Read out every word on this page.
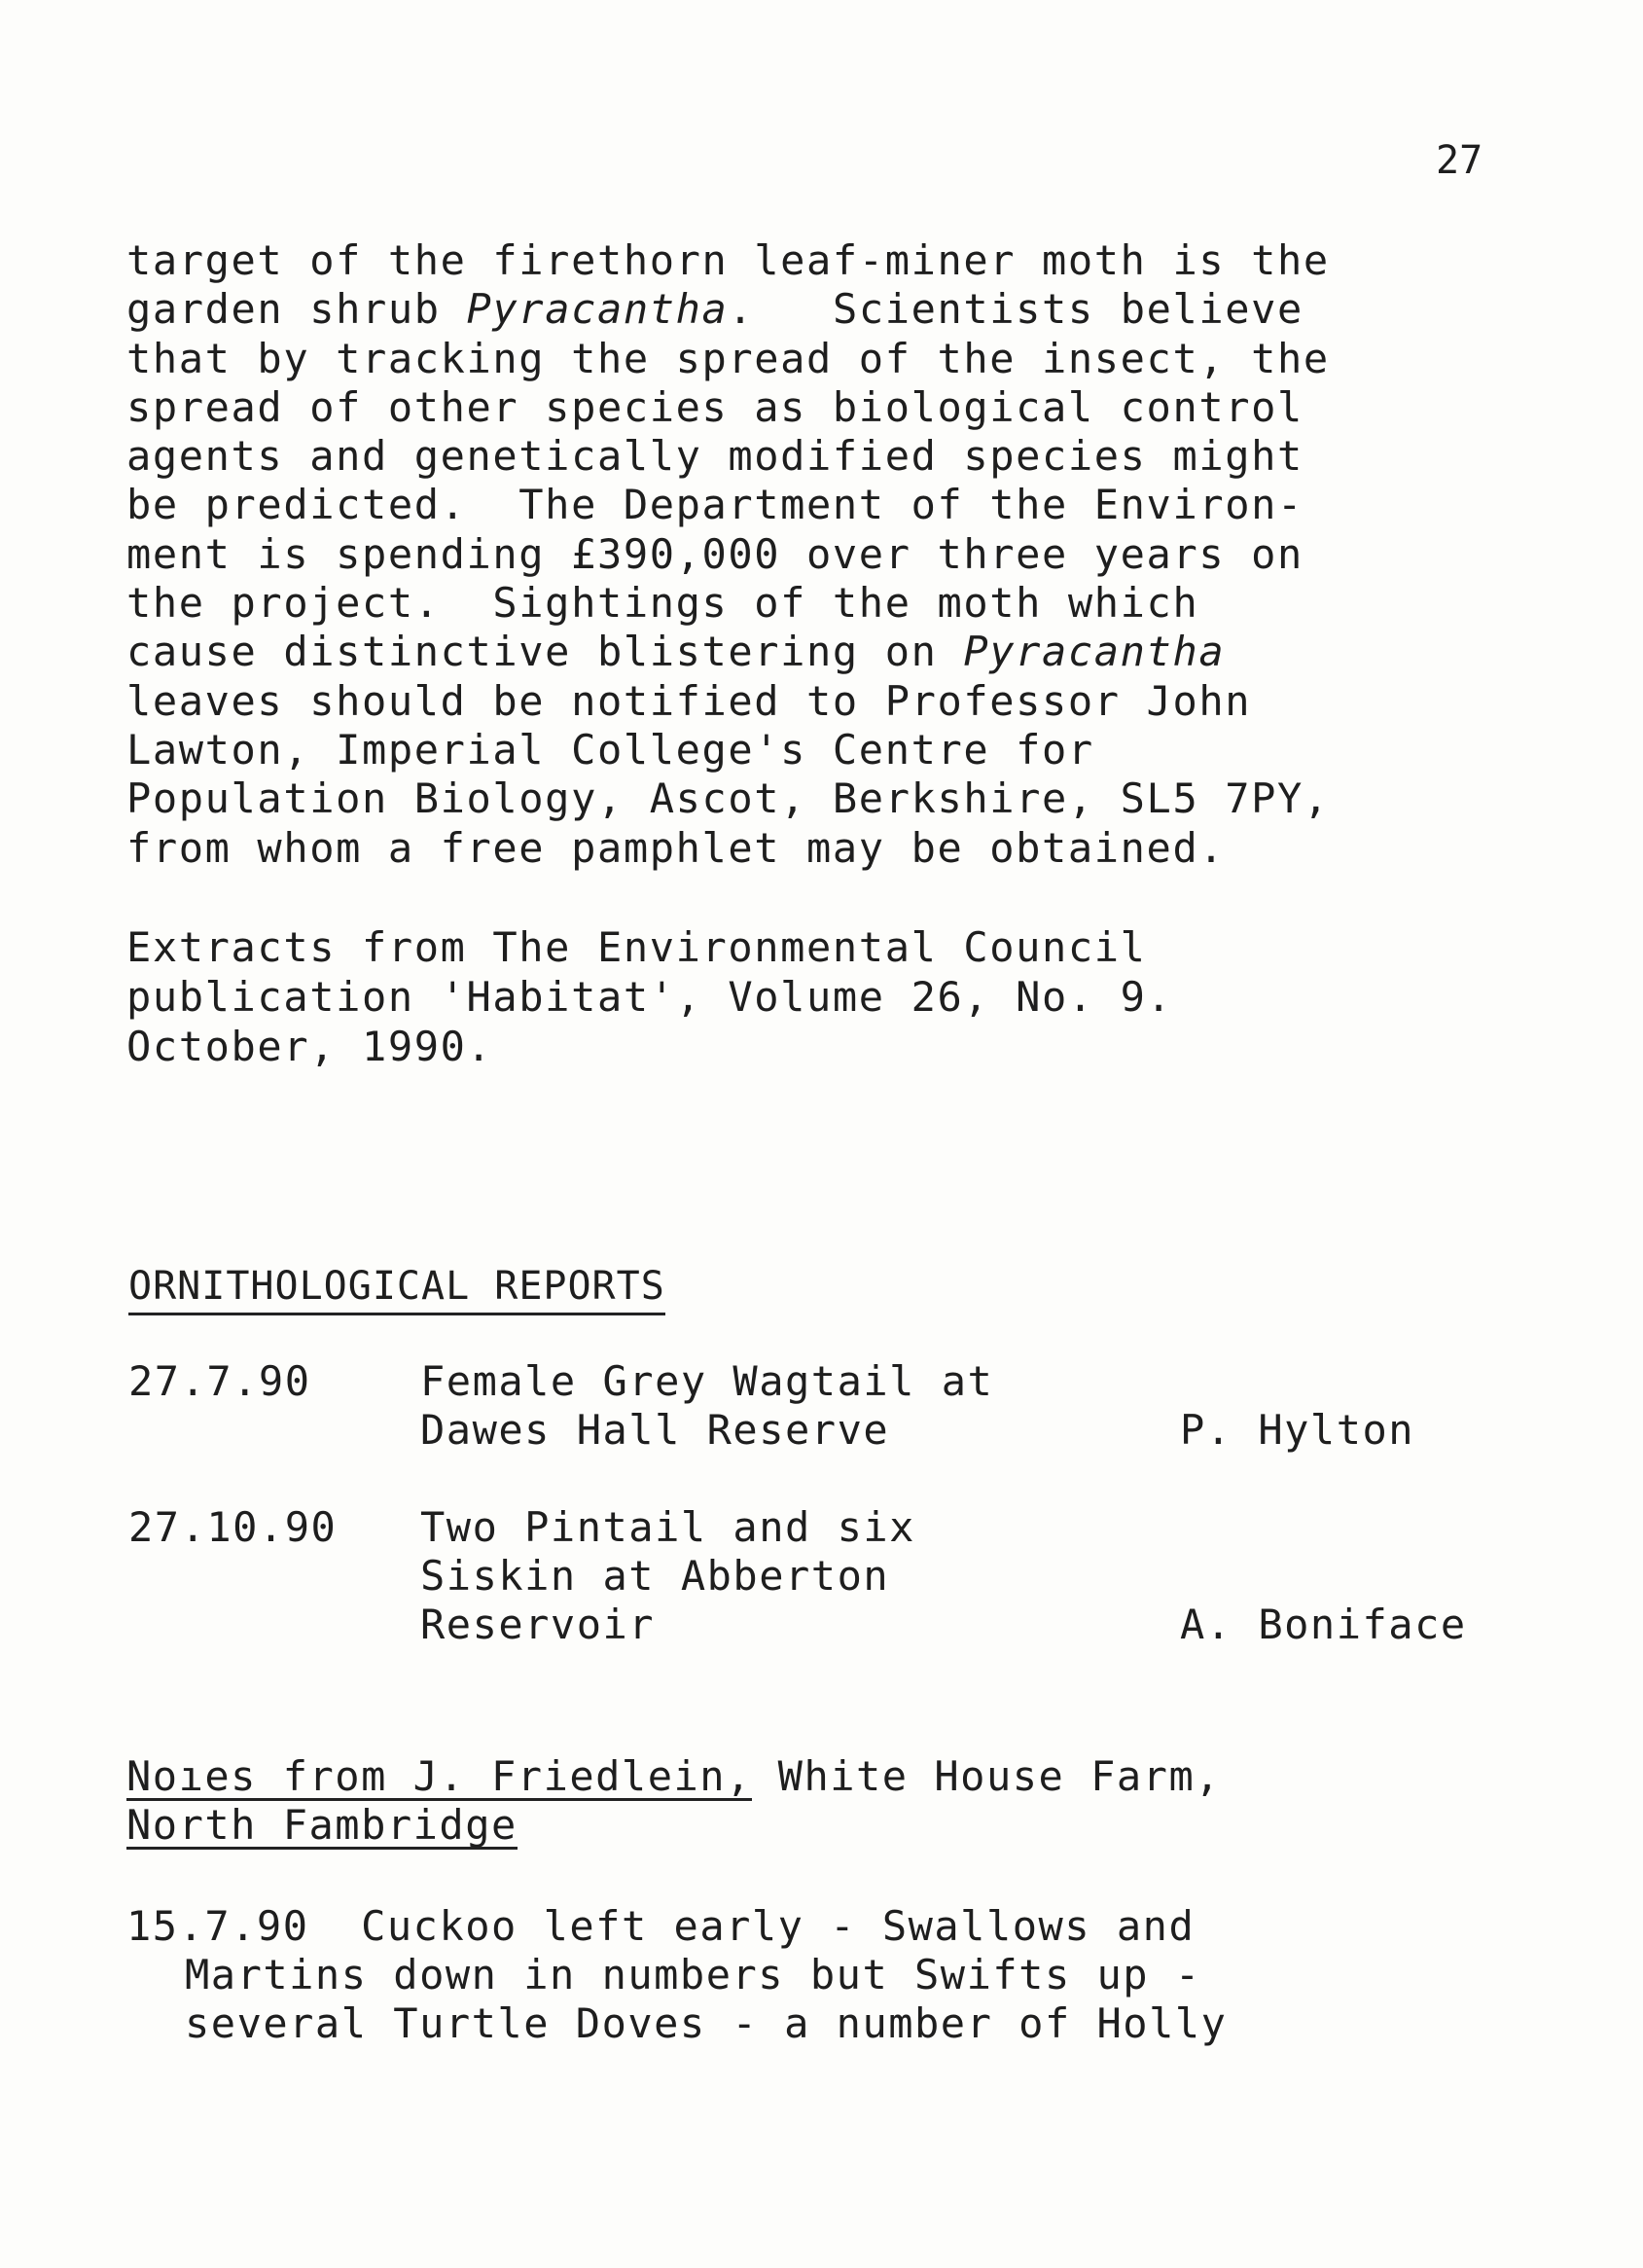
27
target of the firethorn leaf-miner moth is the
garden shrub Pyracantha.   Scientists believe
that by tracking the spread of the insect, the
spread of other species as biological control
agents and genetically modified species might
be predicted.  The Department of the Environ-
ment is spending £390,000 over three years on
the project.  Sightings of the moth which
cause distinctive blistering on Pyracantha
leaves should be notified to Professor John
Lawton, Imperial College's Centre for
Population Biology, Ascot, Berkshire, SL5 7PY,
from whom a free pamphlet may be obtained.
Extracts from The Environmental Council
publication 'Habitat', Volume 26, No. 9.
October, 1990.
ORNITHOLOGICAL REPORTS
27.7.90	Female Grey Wagtail at
Dawes Hall Reserve	P. Hylton
27.10.90 Two Pintail and six
Siskin at Abberton
Reservoir	A. Boniface
Noıes from J. Friedlein, White House Farm,
North Fambridge
15.7.90 Cuckoo left early - Swallows and
Martins down in numbers but Swifts up -
several Turtle Doves - a number of Holly
